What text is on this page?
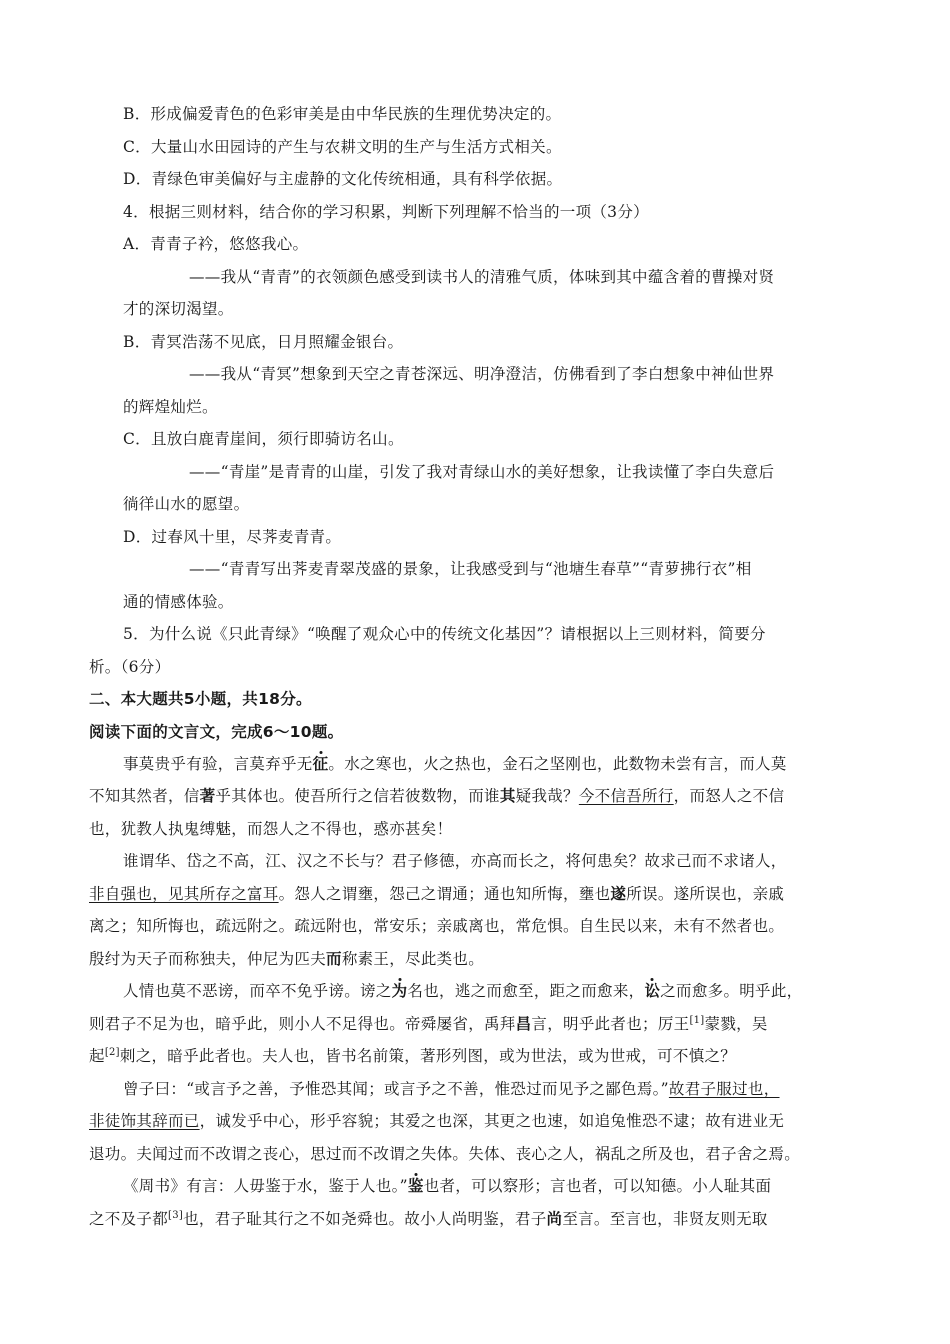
B．形成偏爱青色的色彩审美是由中华民族的生理优势决定的。
C．大量山水田园诗的产生与农耕文明的生产与生活方式相关。
D．青绿色审美偏好与主虚静的文化传统相通，具有科学依据。
4．根据三则材料，结合你的学习积累，判断下列理解不恰当的一项（3分）
A．青青子衿，悠悠我心。
——我从“青青”的衣领颜色感受到读书人的清雅气质，体味到其中蕴含着的曹操对贤
才的深切渴望。
B．青冥浩荡不见底，日月照耀金银台。
——我从“青冥”想象到天空之青苍深远、明净澄洁，仿佛看到了李白想象中神仙世界
的辉煌灿烂。
C．且放白鹿青崖间，须行即骑访名山。
——“青崖”是青青的山崖，引发了我对青绿山水的美好想象，让我读懂了李白失意后
徜徉山水的愿望。
D．过春风十里，尽荠麦青青。
——“青青写出荠麦青翠茂盛的景象，让我感受到与“池塘生春草”“青萝拂行衣”相
通的情感体验。
5．为什么说《只此青绿》“唤醒了观众心中的传统文化基因”？请根据以上三则材料，简要分
析。（6分）
二、本大题共5小题，共18分。
阅读下面的文言文，完成6～10题。
事莫贵乎有验，言莫弃乎无征。水之寒也，火之热也，金石之坚刚也，此数物未尝有言，而人莫
不知其然者，信著乎其体也。使吾所行之信若彼数物，而谁其疑我哉？今不信吾所行，而怒人之不信
也，犹教人执鬼缚魅，而怨人之不得也，惑亦甚矣！
谁谓华、岱之不高，江、汉之不长与？君子修德，亦高而长之，将何患矣？故求己而不求诸人，
非自强也，见其所存之富耳。怨人之谓壅，怨己之谓通；通也知所悔，壅也遂所误。遂所误也，亲戚
离之；知所悔也，疏远附之。疏远附也，常安乐；亲戚离也，常危惧。自生民以来，未有不然者也。
殷纣为天子而称独夫，仲尼为匹夫而称素王，尽此类也。
人情也莫不恶谤，而卒不免乎谤。谤之为名也，逃之而愈至，距之而愈来，讼之而愈多。明乎此，
则君子不足为也，暗乎此，则小人不足得也。帝舜屡省，禹拜昌言，明乎此者也；厉王[1]蒙戮，吴
起[2]刺之，暗乎此者也。夫人也，皆书名前策，著形列图，或为世法，或为世戒，可不慎之？
曾子曰：“或言予之善，予惟恐其闻；或言予之不善，惟恐过而见予之鄙色焉。”故君子服过也，
非徒饰其辞而已，诚发乎中心，形乎容貌；其爱之也深，其更之也速，如追兔惟恐不逮；故有进业无
退功。夫闻过而不改谓之丧心，思过而不改谓之失体。失体、丧心之人，祸乱之所及也，君子舍之焉。
《周书》有言：人毋鉴于水，鉴于人也。”鉴也者，可以察形；言也者，可以知德。小人耻其面
之不及子都[3]也，君子耻其行之不如尧舜也。故小人尚明鉴，君子尚至言。至言也，非贤友则无取
